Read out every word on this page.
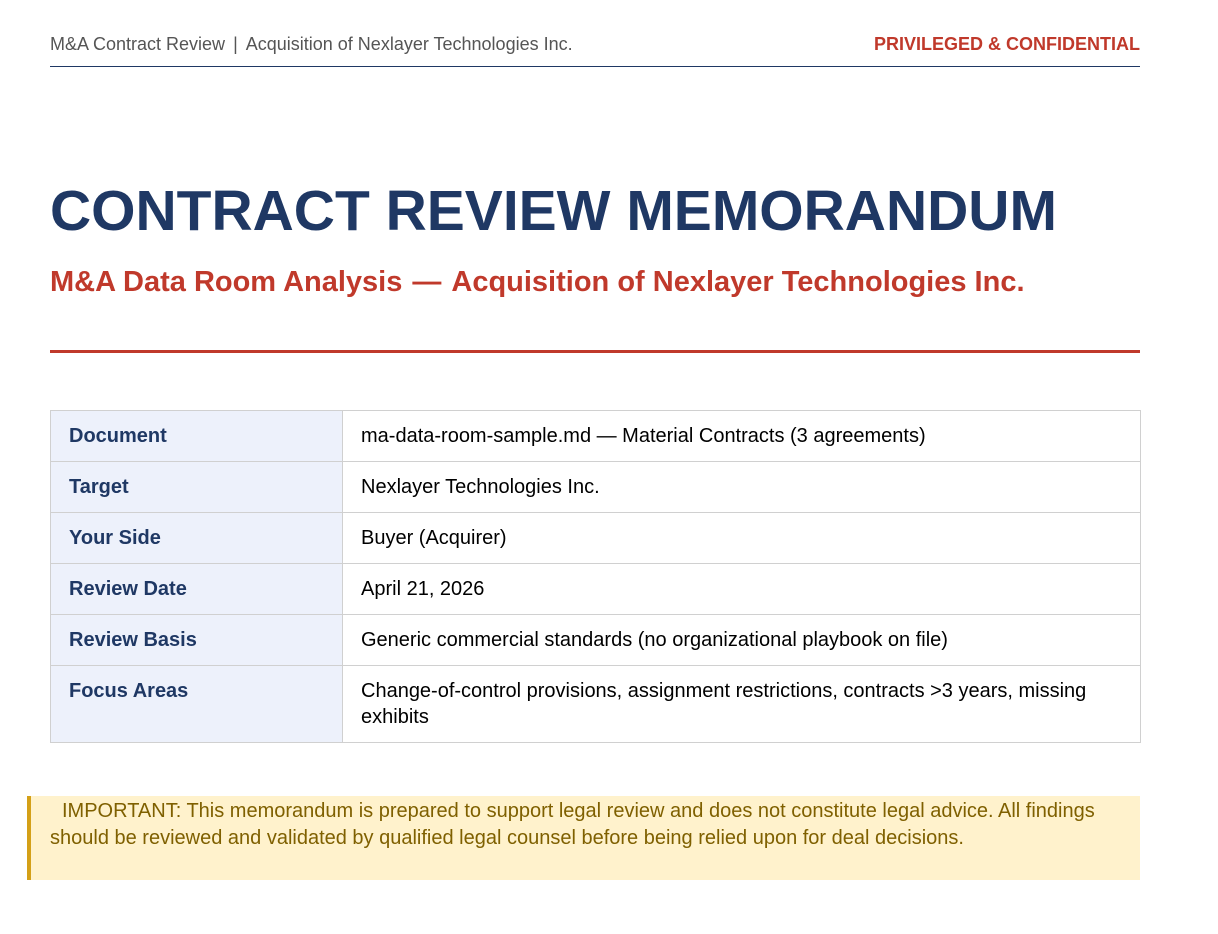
M&A Contract Review | Acquisition of Nexlayer Technologies Inc.	PRIVILEGED & CONFIDENTIAL
CONTRACT REVIEW MEMORANDUM
M&A Data Room Analysis — Acquisition of Nexlayer Technologies Inc.
Document	ma-data-room-sample.md — Material Contracts (3 agreements)
Target	Nexlayer Technologies Inc.
Your Side	Buyer (Acquirer)
Review Date	April 21, 2026
Review Basis	Generic commercial standards (no organizational playbook on file)
Focus Areas	Change-of-control provisions, assignment restrictions, contracts >3 years, missing exhibits
IMPORTANT: This memorandum is prepared to support legal review and does not constitute legal advice. All findings should be reviewed and validated by qualified legal counsel before being relied upon for deal decisions.
